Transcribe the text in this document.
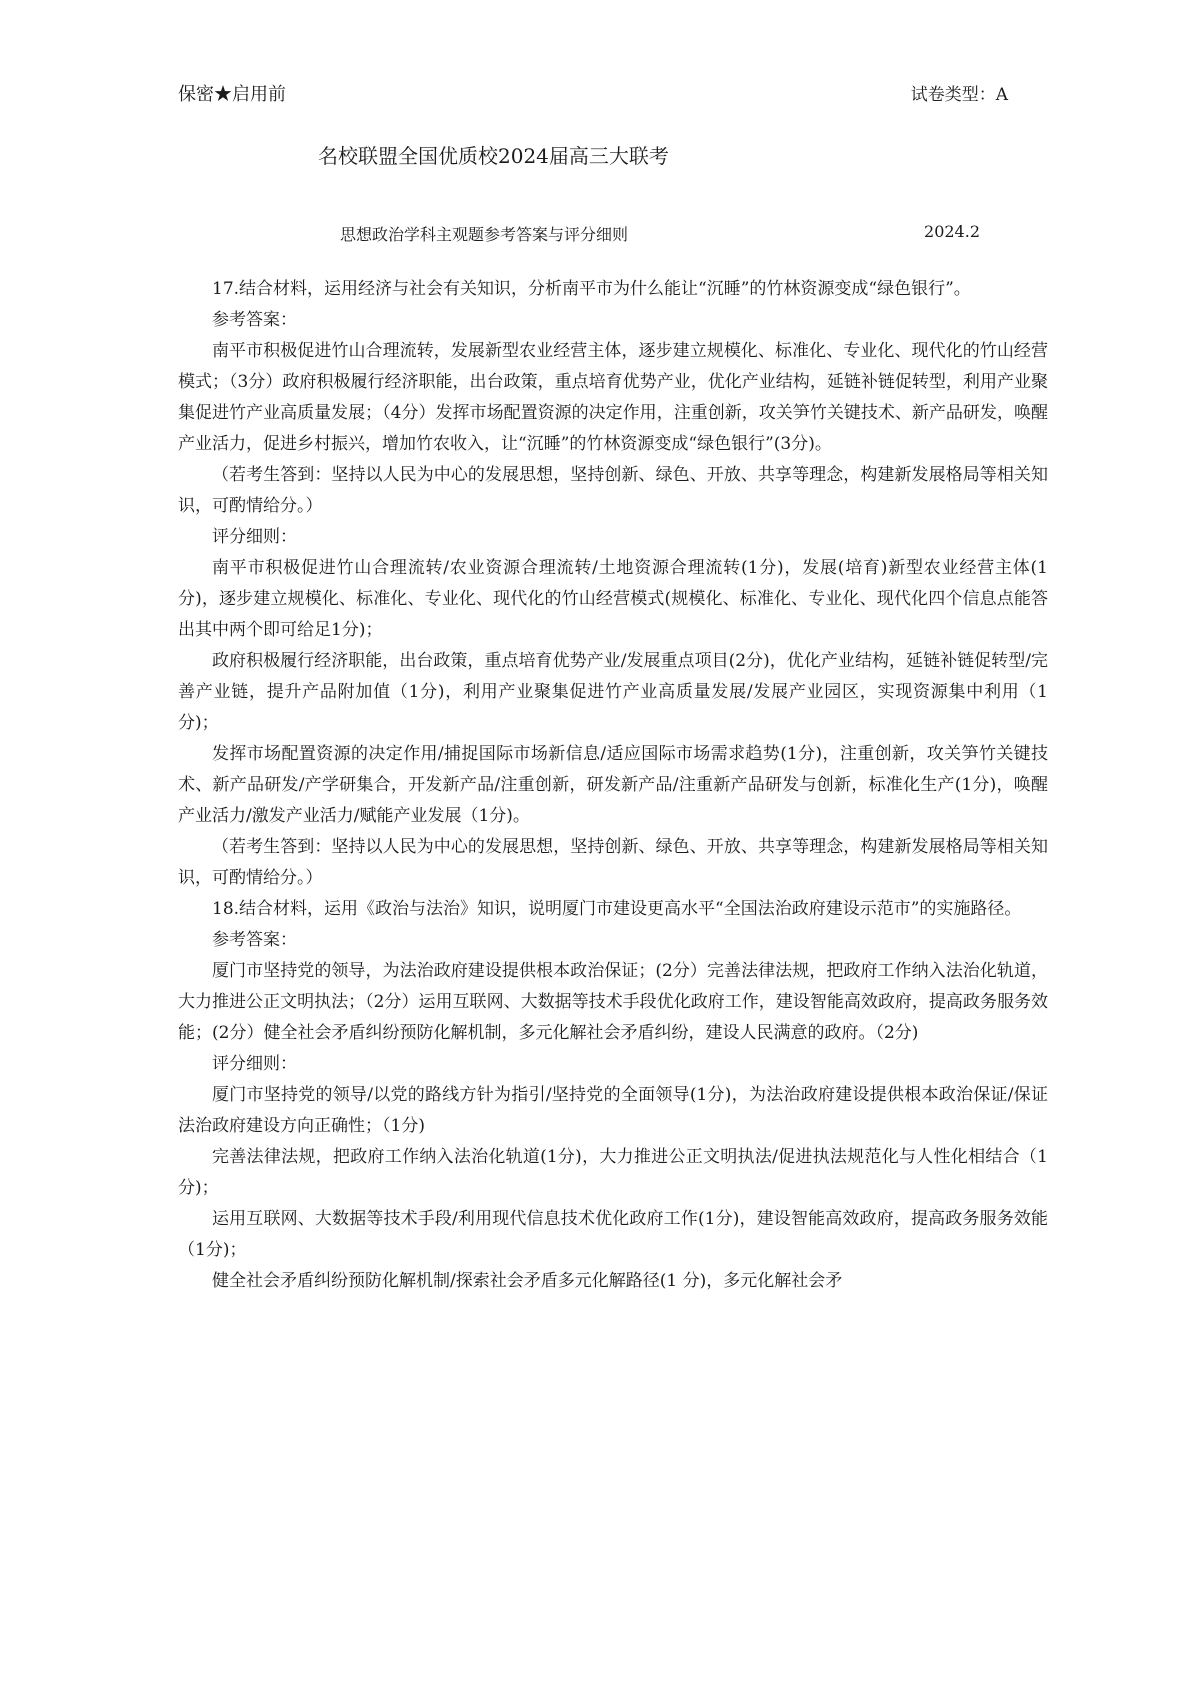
保密★启用前	试卷类型：A
名校联盟全国优质校2024届高三大联考
思想政治学科主观题参考答案与评分细则	2024.2

17.结合材料，运用经济与社会有关知识，分析南平市为什么能让“沉睡”的竹林资源变成“绿色银行”。

参考答案：

南平市积极促进竹山合理流转，发展新型农业经营主体，逐步建立规模化、标准化、专业化、现代化的竹山经营模式；（3分）政府积极履行经济职能，出台政策，重点培育优势产业，优化产业结构，延链补链促转型，利用产业聚集促进竹产业高质量发展；（4分）发挥市场配置资源的决定作用，注重创新，攻关笋竹关键技术、新产品研发，唤醒产业活力，促进乡村振兴，增加竹农收入，让“沉睡”的竹林资源变成“绿色银行”(3分)。

（若考生答到：坚持以人民为中心的发展思想，坚持创新、绿色、开放、共享等理念，构建新发展格局等相关知识，可酌情给分。）

评分细则：

南平市积极促进竹山合理流转/农业资源合理流转/土地资源合理流转(1分)，发展(培育)新型农业经营主体(1分)，逐步建立规模化、标准化、专业化、现代化的竹山经营模式(规模化、标准化、专业化、现代化四个信息点能答出其中两个即可给足1分)；

政府积极履行经济职能，出台政策，重点培育优势产业/发展重点项目(2分)，优化产业结构，延链补链促转型/完善产业链，提升产品附加值（1分)，利用产业聚集促进竹产业高质量发展/发展产业园区，实现资源集中利用（1分)；

发挥市场配置资源的决定作用/捕捉国际市场新信息/适应国际市场需求趋势(1分)，注重创新，攻关笋竹关键技术、新产品研发/产学研集合，开发新产品/注重创新，研发新产品/注重新产品研发与创新，标准化生产(1分)，唤醒产业活力/激发产业活力/赋能产业发展（1分)。

（若考生答到：坚持以人民为中心的发展思想，坚持创新、绿色、开放、共享等理念，构建新发展格局等相关知识，可酌情给分。）

18.结合材料，运用《政治与法治》知识，说明厦门市建设更高水平“全国法治政府建设示范市”的实施路径。

参考答案：

厦门市坚持党的领导，为法治政府建设提供根本政治保证；(2分）完善法律法规，把政府工作纳入法治化轨道，大力推进公正文明执法；（2分）运用互联网、大数据等技术手段优化政府工作，建设智能高效政府，提高政务服务效能；(2分）健全社会矛盾纠纷预防化解机制，多元化解社会矛盾纠纷，建设人民满意的政府。（2分)

评分细则：

厦门市坚持党的领导/以党的路线方针为指引/坚持党的全面领导(1分)，为法治政府建设提供根本政治保证/保证法治政府建设方向正确性；（1分)

完善法律法规，把政府工作纳入法治化轨道(1分)，大力推进公正文明执法/促进执法规范化与人性化相结合（1分)；

运用互联网、大数据等技术手段/利用现代信息技术优化政府工作(1分)，建设智能高效政府，提高政务服务效能（1分)；

健全社会矛盾纠纷预防化解机制/探索社会矛盾多元化解路径(1 分)，多元化解社会矛
